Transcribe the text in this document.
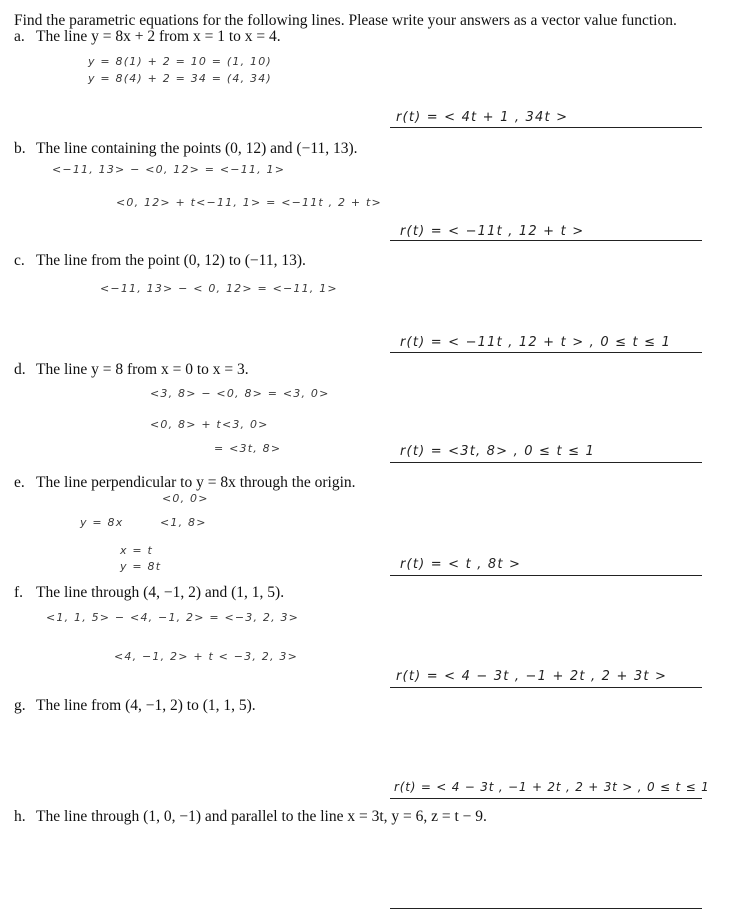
Find the parametric equations for the following lines. Please write your answers as a vector value function.
a. The line y = 8x + 2 from x = 1 to x = 4.
y = 8(1) + 2 = 10 = (1, 10)
y = 8(4) + 2 = 34 = (4, 34)
r(t) = < 4t + 1 , 34t >
b. The line containing the points (0, 12) and (−11, 13).
<−11, 13> − <0, 12> = <−11, 1>
<0, 12> + t<−11, 1> = <−11t , 2 + t>
r(t) = < −11t , 12 + t >
c. The line from the point (0, 12) to (−11, 13).
<−11, 13> − < 0, 12> = <−11, 1>
r(t) = < −11t , 12 + t > , 0 ≤ t ≤ 1
d. The line y = 8 from x = 0 to x = 3.
<3, 8> − <0, 8> = <3, 0>
<0, 8> + t<3, 0>
= <3t, 8>	r(t) = <3t, 8> , 0 ≤ t ≤ 1
e. The line perpendicular to y = 8x through the origin.
<0, 0>
y = 8x	<1, 8>
x = t
y = 8t	r(t) = < t , 8t >
f. The line through (4, −1, 2) and (1, 1, 5).
<1, 1, 5> − <4, −1, 2> = <−3, 2, 3>
<4, −1, 2> + t < −3, 2, 3>
r(t) = < 4 − 3t , −1 + 2t , 2 + 3t >
g. The line from (4, −1, 2) to (1, 1, 5).
r(t) = < 4 − 3t , −1 + 2t , 2 + 3t > , 0 ≤ t ≤ 1
h. The line through (1, 0, −1) and parallel to the line x = 3t, y = 6, z = t − 9.
